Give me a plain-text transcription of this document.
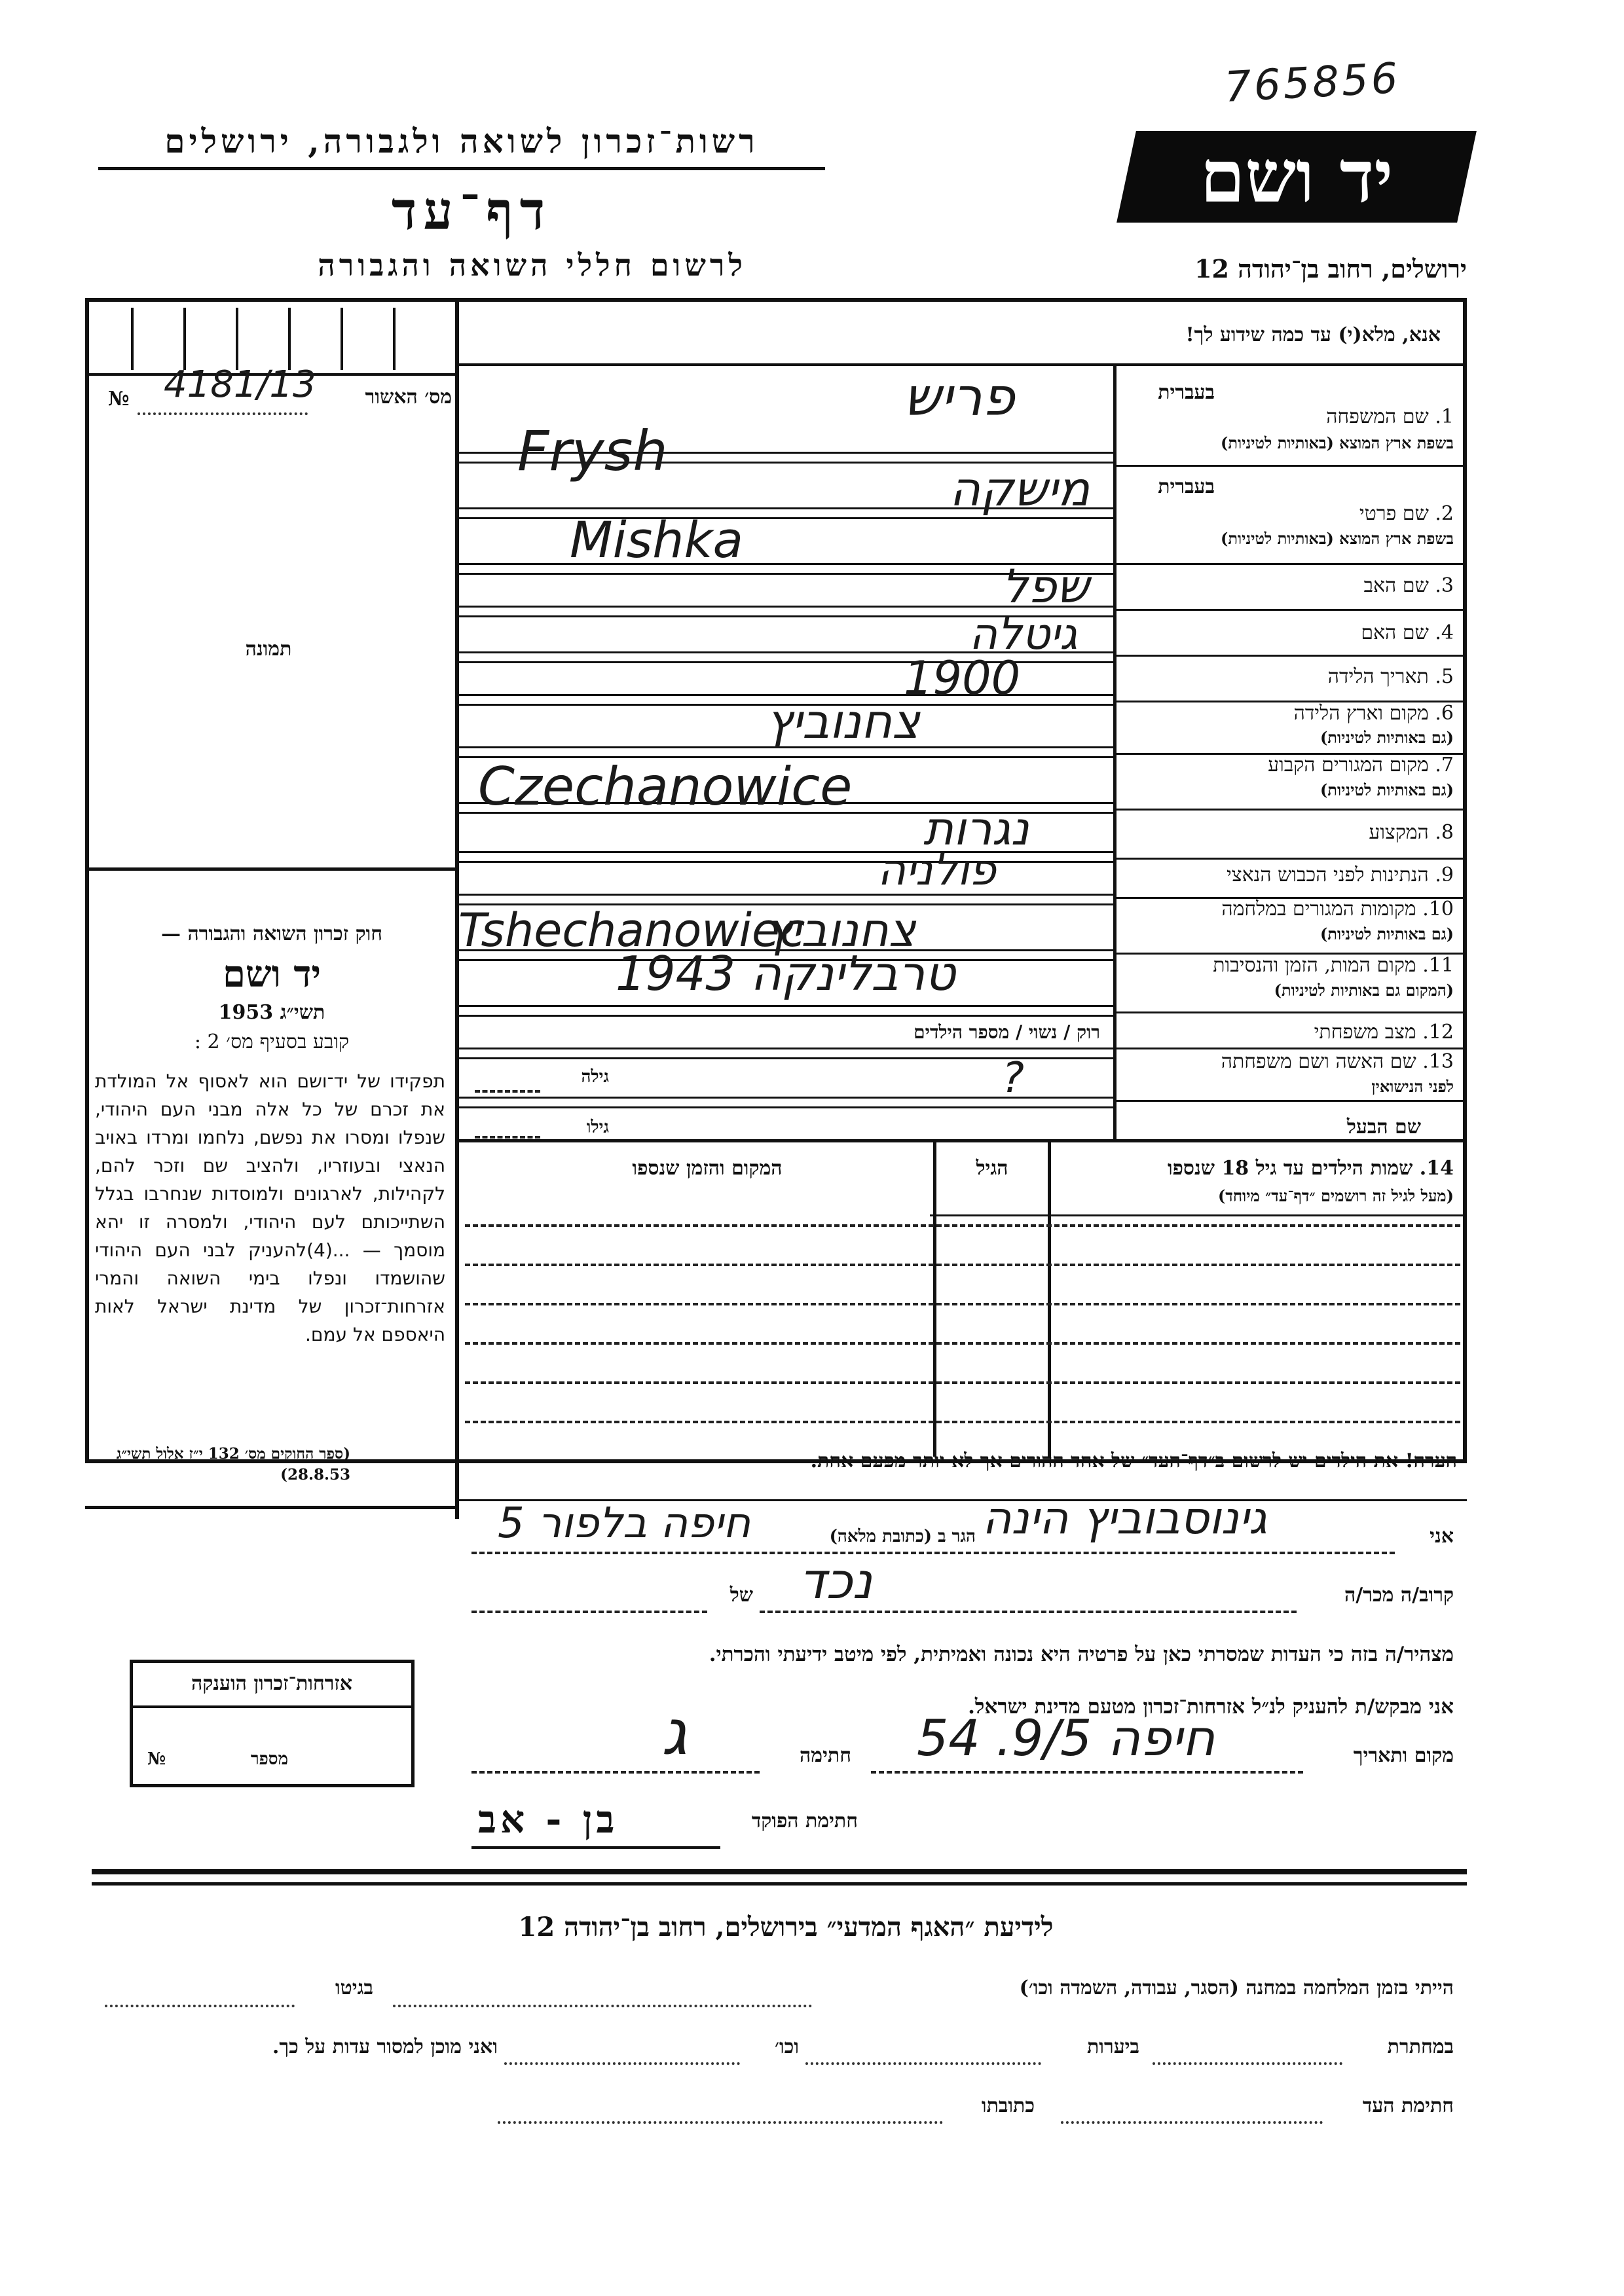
765856
רשות־זכרון לשואה ולגבורה, ירושלים
דף־עד
לרשום חללי השואה והגבורה
יד ושם
ירושלים, רחוב בן־יהודה 12
מס׳ האשור
№ 4181/13
תמונה
חוק זכרון השואה והגבורה —
יד ושם
תשי״ג 1953
קובע בסעיף מס׳ 2 :
תפקידו של יד־ושם הוא לאסוף אל המולדת את זכרם של כל אלה מבני העם היהודי, שנפלו ומסרו את נפשם, נלחמו ומרדו באויב הנאצי ובעוזריו, ולהציב שם וזכר להם, לקהילות, לארגונים ולמוסדות שנחרבו בגלל השתייכותם לעם היהודי, ולמסרה זו יהא מוסמך — ...(4)להעניק לבני העם היהודי שהושמדו ונפלו בימי השואה והמרי אזרחות־זכרון של מדינת ישראל לאות היאספם אל עמם.
(ספר החוקים מס׳ 132 י״ז אלול תשי״ג 28.8.53)
אזרחות־זכרון הוענקה
מספר
№
אנא, מלא(י) עד כמה שידוע לך!
1. שם המשפחה
בשפת ארץ המוצא (באותיות לטיניות)
בעברית
2. שם פרטי
בשפת ארץ המוצא (באותיות לטיניות)
בעברית
3. שם האב
4. שם האם
5. תאריך הלידה
6. מקום וארץ הלידה
(גם באותיות לטיניות)
7. מקום המגורים הקבוע
(גם באותיות לטיניות)
8. המקצוע
9. הנתינות לפני הכבוש הנאצי
10. מקומות המגורים במלחמה
(גם באותיות לטיניות)
11. מקום המות, הזמן והנסיבות
(המקום גם באותיות לטיניות)
12. מצב משפחתי
13. שם האשה ושם משפחתה
לפני הנישואין
שם הבעל
פריש
Frysh
מישקה
Mishka
שפל
גיטלה
1900
צחנוביץ
Czechanowice
נגרות
פולניה
Tshechanowiec
צחנוביץ
טרבלינקה 1943
רוק / נשוי / מספר הילדים
?
גילה
גילו
14. שמות הילדים עד גיל 18 שנספו
(מעל לגיל זה רושמים ״דף־עד״ מיוחד)
הגיל
המקום והזמן שנספו
הערה! את הילדים יש לרשום ב״דף־העד״ של אחד ההורים אך לא יותר מפעם אחת.
אני
גינוסבוביץ הינה
הגר ב (כתובת מלאה)
חיפה בלפור 5
קרוב/ה מכר/ה
נכד
של
מצהיר/ה בזה כי העדות שמסרתי כאן על פרטיה היא נכונה ואמיתית, לפי מיטב ידיעתי והכרתי.
אני מבקש/ת להעניק לנ״ל אזרחות־זכרון מטעם מדינת ישראל.
מקום ותאריך
חיפה 9/5. 54
חתימה
ג
חתימת הפוקד
בן - אב
לידיעת ״האגף המדעי״ בירושלים, רחוב בן־יהודה 12
הייתי בזמן המלחמה במחנה (הסגר, עבודה, השמדה וכו׳)
בגיטו
במחתרת
ביערות
וכו׳
ואני מוכן למסור עדות על כך.
חתימת העד
כתובתו
